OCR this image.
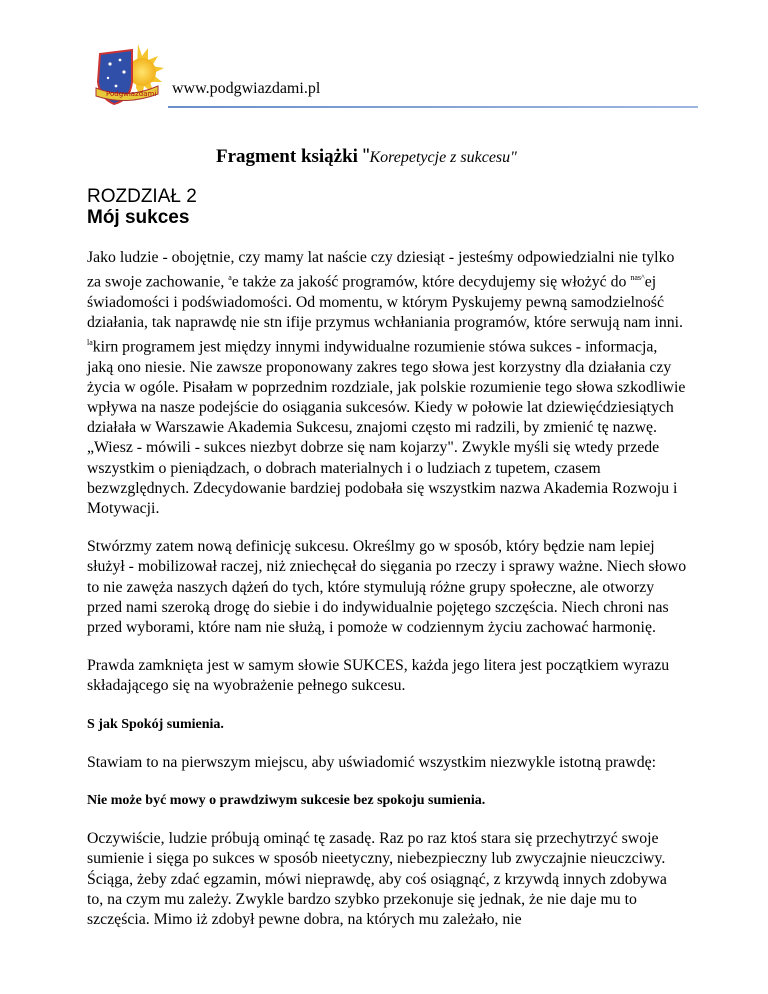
Podgwiazdami www.podgwiazdami.pl
Fragment książki "Korepetycje z sukcesu"
ROZDZIAŁ 2
Mój sukces

Jako ludzie - obojętnie, czy mamy lat naście czy dziesiąt - jesteśmy odpowiedzialni nie tylko za swoje zachowanie, $^a$e także za jakość programów, które decydujemy się włożyć do $^{nas\^{}}$ej świadomości i podświadomości. Od momentu, w którym Pyskujemy pewną samodzielność działania, tak naprawdę nie stn ifije przymus wchłaniania programów, które serwują nam inni. $^{la}$kirn programem jest między innymi indywidualne rozumienie stówa sukces - informacja, jaką ono niesie. Nie zawsze proponowany zakres tego słowa jest korzystny dla działania czy życia w ogóle. Pisałam w poprzednim rozdziale, jak polskie rozumienie tego słowa szkodliwie wpływa na nasze podejście do osiągania sukcesów. Kiedy w połowie lat dziewięćdziesiątych działała w Warszawie Akademia Sukcesu, znajomi często mi radzili, by zmienić tę nazwę. „Wiesz - mówili - sukces niezbyt dobrze się nam kojarzy". Zwykle myśli się wtedy przede wszystkim o pieniądzach, o dobrach materialnych i o ludziach z tupetem, czasem bezwzględnych. Zdecydowanie bardziej podobała się wszystkim nazwa Akademia Rozwoju i Motywacji.

Stwórzmy zatem nową definicję sukcesu. Określmy go w sposób, który będzie nam lepiej służył - mobilizował raczej, niż zniechęcał do sięgania po rzeczy i sprawy ważne. Niech słowo to nie zawęża naszych dążeń do tych, które stymulują różne grupy społeczne, ale otworzy przed nami szeroką drogę do siebie i do indywidualnie pojętego szczęścia. Niech chroni nas przed wyborami, które nam nie służą, i pomoże w codziennym życiu zachować harmonię.

Prawda zamknięta jest w samym słowie SUKCES, każda jego litera jest początkiem wyrazu składającego się na wyobrażenie pełnego sukcesu.

S jak Spokój sumienia.

Stawiam to na pierwszym miejscu, aby uświadomić wszystkim niezwykle istotną prawdę:

Nie może być mowy o prawdziwym sukcesie bez spokoju sumienia.

Oczywiście, ludzie próbują ominąć tę zasadę. Raz po raz ktoś stara się przechytrzyć swoje sumienie i sięga po sukces w sposób nieetyczny, niebezpieczny lub zwyczajnie nieuczciwy. Ściąga, żeby zdać egzamin, mówi nieprawdę, aby coś osiągnąć, z krzywdą innych zdobywa to, na czym mu zależy. Zwykle bardzo szybko przekonuje się jednak, że nie daje mu to szczęścia. Mimo iż zdobył pewne dobra, na których mu zależało, nie
